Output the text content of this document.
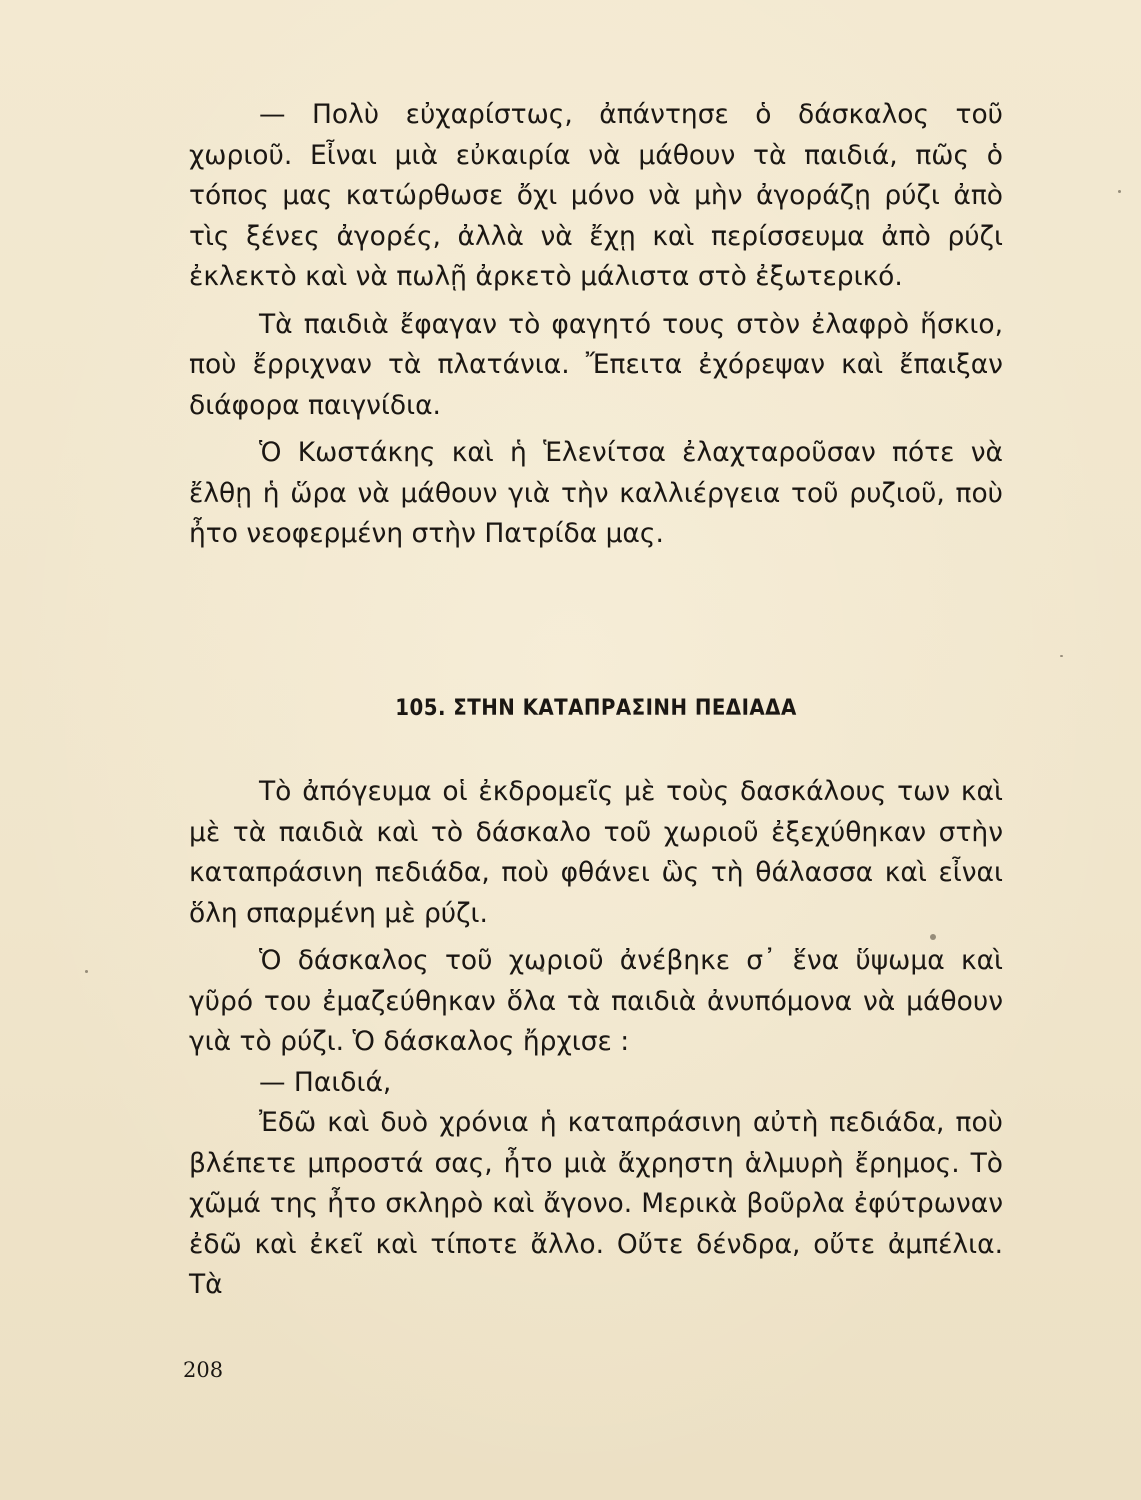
— Πολὺ εὐχαρίστως, ἀπάντησε ὁ δάσκαλος τοῦ χωριοῦ. Εἶναι μιὰ εὐκαιρία νὰ μάθουν τὰ παιδιά, πῶς ὁ τόπος μας κατώρθωσε ὄχι μόνο νὰ μὴν ἀγοράζῃ ρύζι ἀπὸ τὶς ξένες ἀγορές, ἀλλὰ νὰ ἔχῃ καὶ περίσσευμα ἀπὸ ρύζι ἐκλεκτὸ καὶ νὰ πωλῇ ἀρκετὸ μάλιστα στὸ ἐξωτερικό.

Τὰ παιδιὰ ἔφαγαν τὸ φαγητό τους στὸν ἐλαφρὸ ἥσκιο, ποὺ ἔρριχναν τὰ πλατάνια. Ἔπειτα ἐχόρεψαν καὶ ἔπαιξαν διάφορα παιγνίδια.

Ὁ Κωστάκης καὶ ἡ Ἑλενίτσα ἐλαχταροῦσαν πότε νὰ ἔλθῃ ἡ ὥρα νὰ μάθουν γιὰ τὴν καλλιέργεια τοῦ ρυζιοῦ, ποὺ ἦτο νεοφερμένη στὴν Πατρίδα μας.

105. ΣΤΗΝ ΚΑΤΑΠΡΑΣΙΝΗ ΠΕΔΙΑΔΑ

Τὸ ἀπόγευμα οἱ ἐκδρομεῖς μὲ τοὺς δασκάλους των καὶ μὲ τὰ παιδιὰ καὶ τὸ δάσκαλο τοῦ χωριοῦ ἐξεχύθηκαν στὴν καταπράσινη πεδιάδα, ποὺ φθάνει ὣς τὴ θάλασσα καὶ εἶναι ὅλη σπαρμένη μὲ ρύζι.

Ὁ δάσκαλος τοῦ χωριοῦ ἀνέβηκε σ᾿ ἕνα ὕψωμα καὶ γῦρό του ἐμαζεύθηκαν ὅλα τὰ παιδιὰ ἀνυπόμονα νὰ μάθουν γιὰ τὸ ρύζι. Ὁ δάσκαλος ἤρχισε :

— Παιδιά,

Ἐδῶ καὶ δυὸ χρόνια ἡ καταπράσινη αὐτὴ πεδιάδα, ποὺ βλέπετε μπροστά σας, ἦτο μιὰ ἄχρηστη ἁλμυρὴ ἔρημος. Τὸ χῶμά της ἦτο σκληρὸ καὶ ἄγονο. Μερικὰ βοῦρλα ἐφύτρωναν ἐδῶ καὶ ἐκεῖ καὶ τίποτε ἄλλο. Οὔτε δένδρα, οὔτε ἀμπέλια. Τὰ

208
